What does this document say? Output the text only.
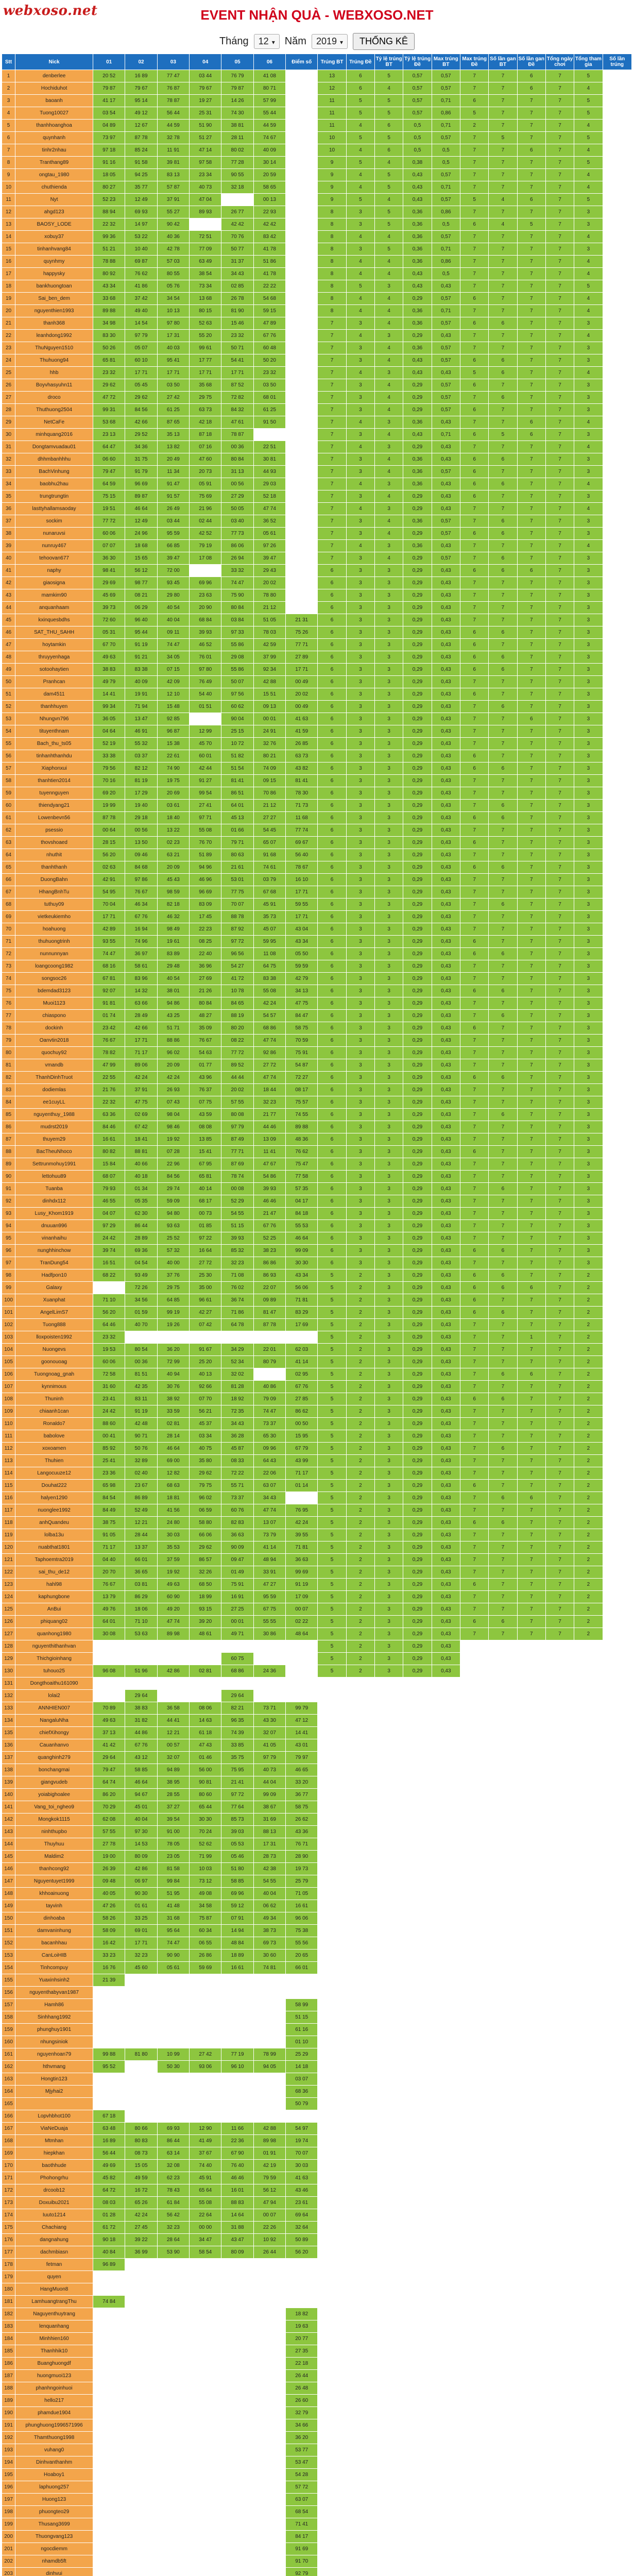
webxoso.net	EVENT NHẬN QUÀ - WEBXOSO.NET
Tháng	12 ▾ Năm	2019 ▾	THỐNG KÊ
Stt	Nick	01	02	03	04	05	06	Điểm số	Trúng BT	Trúng Đề	Tỷ lệ trúng BT	Tỷ lệ trúng Đề	Max trúng BT	Max trúng Đề	Số lần gan BT	Số lần gan Đề	Tổng ngày chơi	Tổng tham gia	Số lần trúng
1	denberlee	20 52	16 89	77 47	03 44	76 79	41 08		13	6	5	0,57	0,57	7	7	6	7	5	
2	Hochiduhot	79 87	79 67	76 87	79 67	79 87	80 71		12	6	4	0,57	0,57	7	7	6	7	4	
3	baoanh	41 17	95 14	78 87	19 27	14 26	57 99		11	5	5	0,57	0,71	6	7	7	7	5	
4	Tuong10027	03 54	49 12	56 44	25 31	74 30	55 44		11	5	5	0,57	0,86	5	7	7	7	5	
5	thanhhoanghoa	04 89	12 67	44 59	51 90	38 81	44 59		11	4	6	0,5	0,71	2	7	7	7	4	
6	quynhanh	73 97	87 78	32 78	51 27	28 11	74 67		10	5	5	0,5	0,57	7	5	7	7	5	
7	tinhr2nhau	97 18	85 24	11 91	47 14	80 02	40 09		10	4	6	0,5	0,5	7	7	6	7	4	
8	Tranthang89	91 16	91 58	39 81	97 58	77 28	30 14		9	5	4	0,38	0,5	7	7	7	7	5	
9	ongtau_1980	18 05	94 25	83 13	23 34	90 55	20 59		9	4	5	0,43	0,57	7	7	7	7	4	
10	chuthienda	80 27	35 77	57 87	40 73	32 18	58 65		9	4	5	0,43	0,71	7	7	7	7	4	
11	Nyt	52 23	12 49	37 91	47 04		00 13		9	5	4	0,43	0,57	5	4	6	7	5	
12	ahgd123	88 94	69 93	55 27	89 93	26 77	22 93		8	3	5	0,36	0,86	7	7	7	7	3	
13	BAOSY_LODE	22 32	14 97	90 42		42 42	42 42		8	3	5	0,36	0,5	6	4	5	7	3	
14	xobuy37	99 36	53 22	40 36	72 51	70 76	83 42		8	4	4	0,36	0,57	7	7	7	7	4	
15	tinhanhvang84	51 21	10 40	42 78	77 09	50 77	41 78		8	3	5	0,36	0,71	7	7	7	7	3	
16	quynhmy	78 88	69 87	57 03	63 49	31 37	51 86		8	4	4	0,36	0,86	7	7	7	7	4	
17	happysky	80 92	76 62	80 55	38 54	34 43	41 78		8	4	4	0,43	0,5	7	7	7	7	4	
18	bankhuongtoan	43 34	41 86	05 76	73 34	02 85	22 22		8	5	3	0,43	0,43	7	7	7	7	5	
19	Sai_ben_dem	33 68	37 42	34 54	13 68	26 78	54 68		8	4	4	0,29	0,57	6	7	7	7	4	
20	nguyenthien1993	89 88	49 40	10 13	80 15	81 90	59 15		8	4	4	0,36	0,71	7	7	7	7	4	
21	thanh368	34 98	14 54	97 80	52 63	15 46	47 89		7	3	4	0,36	0,57	6	6	7	7	3	
22	leanhdong1992	83 30	97 79	17 31	55 20	23 32	67 76		7	4	3	0,29	0,43	7	7	7	7	4	
23	ThuNguyen1510	50 26	05 07	40 03	99 61	50 71	60 48		7	3	4	0,36	0,57	7	7	7	7	3	
24	Thuhuong94	65 81	60 10	95 41	17 77	54 41	50 20		7	3	4	0,43	0,57	6	6	7	7	3	
25	hhb	23 32	17 71	17 71	17 71	17 71	23 32		7	4	3	0,43	0,43	5	6	7	7	4	
26	Boyvhasyuhn11	29 62	05 45	03 50	35 68	87 52	03 50		7	3	4	0,29	0,57	6	7	7	7	3	
27	droco	47 72	29 62	27 42	29 75	72 82	68 01		7	3	4	0,29	0,57	7	6	7	7	3	
28	Thuthuong2504	99 31	84 56	61 25	63 73	84 32	61 25		7	3	4	0,29	0,57	6	7	7	7	3	
29	NetCaFe	53 68	42 66	87 65	42 18	47 61	91 50		7	4	3	0,36	0,43	7	7	6	7	4	
30	minhquang2016	23 13	29 52	35 13	87 18	78 87			7	3	4	0,43	0,71	6	5	6	7	3	
31	Dongtamvuadau01	64 47	34 36	13 82	07 16	00 36	22 51		7	4	3	0,29	0,43	7	7	7	7	4	
32	dhhmbanhhhu	06 60	31 75	20 49	47 60	80 84	30 81		7	3	4	0,36	0,43	6	6	7	7	3	
33	BachVinhung	79 47	91 79	11 34	20 73	31 13	44 93		7	3	4	0,36	0,57	6	7	7	7	3	
34	baobhu2hau	64 59	96 69	91 47	05 91	00 56	29 03		7	4	3	0,36	0,43	6	6	7	7	4	
35	trungtrungtin	75 15	89 87	91 57	75 69	27 29	52 18		7	3	4	0,29	0,43	6	7	7	7	3	
36	lasttyhallamsaoday	19 51	46 64	26 49	21 96	50 05	47 74		7	4	3	0,29	0,43	7	7	7	7	4	
37	sockim	77 72	12 49	03 44	02 44	03 40	36 52		7	3	4	0,36	0,57	7	6	7	7	3	
38	nunaruvsi	60 06	24 96	95 59	42 52	77 73	05 61		7	3	4	0,29	0,57	6	6	7	7	3	
39	nunruy467	07 07	18 68	66 85	79 19	86 06	97 26		7	4	3	0,36	0,43	7	7	7	7	4	
40	tehoovan677	36 30	15 65	39 47	17 08	26 94	39 47		7	3	4	0,29	0,57	7	6	7	7	3	
41	naphy	98 41	56 12	72 00		33 32	29 43		6	3	3	0,29	0,43	6	6	6	7	3	
42	giaosigna	29 69	98 77	93 45	69 96	74 47	20 02		6	3	3	0,29	0,43	7	7	7	7	3	
43	mamkim90	45 69	08 21	29 80	23 63	75 90	78 80		6	3	3	0,29	0,43	7	7	7	7	3	
44	anquanhaam	39 73	06 29	40 54	20 90	80 84	21 12		6	3	3	0,29	0,43	7	7	7	7	3	
45	kxinquesbdhs	72 60	96 40	40 04	68 84	03 84	51 05	21 31	6	3	3	0,29	0,43	7	7	7	7	3	
46	SAT_THU_SAHH	05 31	95 44	09 11	39 93	97 33	78 03	75 26	6	3	3	0,29	0,43	6	6	7	7	3	
47	hoytamkin	67 70	91 19	74 47	46 52	55 86	42 59	77 71	6	3	3	0,29	0,43	6	7	7	7	3	
48	thruyyenhaga	49 63	91 21	34 05	76 01	29 08	37 99	27 89	6	3	3	0,29	0,43	6	6	7	7	3	
49	sotoohaytien	38 83	83 38	07 15	97 80	55 86	92 34	17 71	6	3	3	0,29	0,43	6	6	7	7	3	
50	Pranhcan	49 79	40 09	42 09	76 49	50 07	42 88	00 49	6	3	3	0,29	0,43	7	7	7	7	3	
51	dam4511	14 41	19 91	12 10	54 40	97 56	15 51	20 02	6	3	3	0,29	0,43	6	7	7	7	3	
52	thanhhuyen	99 34	71 94	15 48	01 51	60 62	09 13	00 49	6	3	3	0,29	0,43	7	6	7	7	3	
53	Nhungvn796	36 05	13 47	92 85		90 04	00 01	41 63	6	3	3	0,29	0,43	7	7	6	7	3	
54	tituyenthnam	04 64	46 91	96 87	12 99	25 15	24 91	41 59	6	3	3	0,29	0,43	7	7	7	7	3	
55	Bach_thu_ts05	52 19	55 32	15 38	45 70	10 72	32 76	26 85	6	3	3	0,29	0,43	7	7	7	7	3	
56	tinhanhthanhdu	33 38	03 37	22 61	60 01	51 82	80 21	63 73	6	3	3	0,29	0,43	6	7	7	7	3	
57	Xiaphonxui	79 56	82 12	74 90	42 44	51 54	74 09	43 82	6	3	3	0,29	0,43	6	6	7	7	3	
58	thanhtien2014	70 16	81 19	19 75	91 27	81 41	09 15	81 41	6	3	3	0,29	0,43	7	7	7	7	3	
59	tuyennguyen	69 20	17 29	20 69	99 54	86 51	70 86	78 30	6	3	3	0,29	0,43	7	7	7	7	3	
60	thiendyang21	19 99	19 40	03 61	27 41	64 01	21 12	71 73	6	3	3	0,29	0,43	7	6	7	7	3	
61	Lowenbevn56	87 78	29 18	18 40	97 71	45 13	27 27	11 68	6	3	3	0,29	0,43	6	6	7	7	3	
62	psessio	00 64	00 56	13 22	55 08	01 66	54 45	77 74	6	3	3	0,29	0,43	7	7	7	7	3	
63	thovshoaed	28 15	13 50	02 23	76 70	79 71	65 07	69 67	6	3	3	0,29	0,43	6	7	7	7	3	
64	nhuthit	56 20	09 46	63 21	51 89	80 63	91 68	56 40	6	3	3	0,29	0,43	7	7	7	7	3	
65	thanhthanh	02 63	84 68	20 09	94 96	21 61	74 61	78 67	6	3	3	0,29	0,43	6	6	7	7	3	
66	DuongBahn	42 91	97 86	45 43	46 96	53 01	03 79	16 10	6	3	3	0,29	0,43	7	7	7	7	3	
67	HhangBnhTu	54 95	76 67	98 59	96 69	77 75	67 68	17 71	6	3	3	0,29	0,43	7	7	7	7	3	
68	tuthuy09	70 04	46 34	82 18	83 09	70 07	45 91	59 55	6	3	3	0,29	0,43	7	6	7	7	3	
69	vietkeukiemho	17 71	67 76	46 32	17 45	88 78	35 73	17 71	6	3	3	0,29	0,43	7	7	7	7	3	
70	hoahuong	42 89	16 94	98 49	22 23	87 92	45 07	43 04	6	3	3	0,29	0,43	7	7	7	7	3	
71	thuhuongtrinh	93 55	74 96	19 61	08 25	97 72	59 95	43 34	6	3	3	0,29	0,43	6	7	7	7	3	
72	nunnunnyan	74 47	36 97	83 89	22 40	96 56	11 08	05 50	6	3	3	0,29	0,43	6	6	7	7	3	
73	loangcoong1982	68 16	58 61	29 48	36 96	54 27	64 75	59 59	6	3	3	0,29	0,43	7	7	7	7	3	
74	songsoc26	67 81	83 96	40 54	27 69	41 72	83 38	42 79	6	3	3	0,29	0,43	7	7	7	7	3	
75	bdemdad3123	92 07	14 32	38 01	21 26	10 78	55 08	34 13	6	3	3	0,29	0,43	6	6	7	7	3	
76	Muoi1123	91 81	63 66	94 86	80 84	84 65	42 24	47 75	6	3	3	0,29	0,43	7	7	7	7	3	
77	chiaspono	01 74	28 49	43 25	48 27	88 19	54 57	84 47	6	3	3	0,29	0,43	7	6	7	7	3	
78	dockinh	23 42	42 66	51 71	35 09	80 20	68 86	58 75	6	3	3	0,29	0,43	6	7	7	7	3	
79	Oanvtin2018	76 67	17 71	88 86	76 67	08 22	47 74	70 59	6	3	3	0,29	0,43	7	7	7	7	3	
80	quochuy92	78 82	71 17	96 02	54 63	77 72	92 86	75 91	6	3	3	0,29	0,43	7	7	7	7	3	
81	vmandb	47 99	89 06	20 09	01 77	89 52	27 72	54 87	6	3	3	0,29	0,43	7	7	7	7	3	
82	ThanhDinhTruot	22 55	42 24	42 24	43 96	44 44	47 74	72 27	6	3	3	0,29	0,43	6	6	7	7	3	
83	dodiemlas	21 76	37 91	26 93	76 37	20 02	18 44	08 17	6	3	3	0,29	0,43	7	7	7	7	3	
84	ee1cuyLL	22 32	47 75	07 43	07 75	57 55	32 23	75 57	6	3	3	0,29	0,43	7	7	7	7	3	
85	nguyenthuy_1988	63 36	02 69	98 04	43 59	80 08	21 77	74 55	6	3	3	0,29	0,43	7	6	7	7	3	
86	mudrst2019	84 46	67 42	98 46	08 08	97 79	44 46	89 88	6	3	3	0,29	0,43	7	7	7	7	3	
87	thuyem29	16 61	18 41	19 92	13 85	87 49	13 09	48 36	6	3	3	0,29	0,43	7	7	7	7	3	
88	BacTheuNhoco	80 82	88 81	07 28	15 41	77 71	11 41	76 62	6	3	3	0,29	0,43	6	7	7	7	3	
89	Settrunmohuy1991	15 84	40 66	22 96	67 95	87 69	47 67	75 47	6	3	3	0,29	0,43	7	7	7	7	3	
90	lettohuu89	68 07	40 18	84 56	65 81	78 74	54 86	77 58	6	3	3	0,29	0,43	7	7	7	7	3	
91	Tuanba	79 93	01 34	29 74	40 14	00 08	39 93	57 35	6	3	3	0,29	0,43	7	6	7	7	3	
92	dinhdx112	46 55	05 35	59 09	68 17	52 29	46 46	04 17	6	3	3	0,29	0,43	7	7	7	7	3	
93	Lusy_Khom1919	04 07	62 30	94 80	00 73	54 55	21 47	84 18	6	3	3	0,29	0,43	7	7	7	7	3	
94	dnuuan996	97 29	86 44	93 63	01 85	51 15	67 76	55 53	6	3	3	0,29	0,43	7	7	7	7	3	
95	vinanhaihu	24 42	28 89	25 52	97 22	39 93	52 25	46 64	6	3	3	0,29	0,43	7	7	7	7	3	
96	nunghhinchow	39 74	69 36	57 32	16 64	85 32	38 23	99 09	6	3	3	0,29	0,43	6	6	7	7	3	
97	TranDung54	16 51	04 54	40 00	27 72	32 23	86 86	30 30	6	3	3	0,29	0,43	7	7	7	7	3	
98	Hadfpon10	68 22	93 49	37 76	25 30	71 08	86 93	43 34	5	2	3	0,29	0,43	6	6	7	7	2	
99	Galaxy		72 26	29 75	35 00	76 02	22 07	56 06	5	2	3	0,29	0,43	6	6	6	7	2	
100	Xuanphat	71 10	34 56	64 85	96 61	36 74	09 89	71 81	5	2	3	0,29	0,43	6	7	7	7	2	
101	AngelLimS7	56 20	01 59	99 19	42 27	71 86	81 47	83 29	5	2	3	0,29	0,43	6	6	7	7	2	
102	Tuong888	64 46	40 70	19 26	07 42	64 78	87 78	17 69	5	2	3	0,29	0,43	7	7	7	7	2	
103	lloxpoisten1992	23 32							5	2	3	0,29	0,43	7	7	1	7	2	
104	Nuongevs	19 53	80 54	36 20	91 67	34 29	22 01	62 03	5	2	3	0,29	0,43	7	7	7	7	2	
105	goonouoag	60 06	00 36	72 99	25 20	52 34	80 79	41 14	5	2	3	0,29	0,43	7	7	7	7	2	
106	Tuongnoag_gnah	72 58	81 51	40 94	40 13	32 02		02 95	5	2	3	0,29	0,43	7	6	6	7	2	
107	kynnimous	31 60	42 35	30 76	92 66	81 28	40 86	67 76	5	2	3	0,29	0,43	7	7	7	7	2	
108	Thuninh	23 41	83 11	38 92	07 70	18 92	79 09	27 85	5	2	3	0,29	0,43	6	6	7	7	2	
109	chiaanh1can	24 42	91 19	33 59	56 21	72 35	74 47	86 62	5	2	3	0,29	0,43	7	7	7	7	2	
110	Ronaldo7	88 60	42 48	02 81	45 37	34 43	73 37	00 50	5	2	3	0,29	0,43	7	7	7	7	2	
111	babolove	00 41	90 71	28 14	03 34	36 28	65 30	15 95	5	2	3	0,29	0,43	7	7	7	7	2	
112	xoxoamen	85 92	50 76	46 64	40 75	45 87	09 96	67 79	5	2	3	0,29	0,43	7	6	7	7	2	
113	Thuhien	25 41	32 89	69 00	35 80	08 33	64 43	43 99	5	2	3	0,29	0,43	7	7	7	7	2	
114	Langocuuze12	23 36	02 40	12 82	29 62	72 22	22 06	71 17	5	2	3	0,29	0,43	7	7	7	7	2	
115	Douhat222	65 98	23 67	68 63	79 75	55 71	63 07	01 14	5	2	3	0,29	0,43	6	7	7	7	2	
116	halyen1290	84 54	86 89	18 81	96 02	73 37	34 43		5	2	3	0,29	0,43	7	6	6	7	2	
117	nuonglee1992	84 49	52 49	41 56	06 59	60 76	47 74	76 95	5	2	3	0,29	0,43	7	7	7	7	2	
118	anhQuandeu	38 75	12 21	24 80	58 80	82 83	13 07	42 24	5	2	3	0,29	0,43	6	6	7	7	2	
119	lolba13u	91 05	28 44	30 03	66 06	36 63	73 79	39 55	5	2	3	0,29	0,43	7	7	7	7	2	
120	nuabthat1801	71 17	13 37	35 53	29 62	90 09	41 14	71 81	5	2	3	0,29	0,43	7	7	7	7	2	
121	Taphoemtra2019	04 40	66 01	37 59	86 57	09 47	48 94	36 63	5	2	3	0,29	0,43	7	7	7	7	2	
122	sai_thu_de12	20 70	36 65	19 92	32 26	01 49	33 91	99 69	5	2	3	0,29	0,43	7	7	7	7	2	
123	hahl98	76 67	03 81	49 63	68 50	75 91	47 27	91 19	5	2	3	0,29	0,43	6	7	7	7	2	
124	kaphungbone	13 79	86 29	60 90	18 99	16 91	95 59	17 09	5	2	3	0,29	0,43	7	7	7	7	2	
125	AnBui	49 76	18 06	49 20	93 15	27 25	67 75	00 07	5	2	3	0,29	0,43	7	7	7	7	2	
126	phiquang02	64 01	71 10	47 74	39 20	00 01	55 55	02 22	5	2	3	0,29	0,43	6	6	7	7	2	
127	quanhong1980	30 08	53 63	89 98	48 61	49 71	30 86	48 64	5	2	3	0,29	0,43	7	7	7	7	2	
128	nguyenthithanhvan								5	2	3	0,29	0,43						
129	Thichgioinhang					60 75			5	2	3	0,29	0,43						
130	tuhouo25	96 08	51 96	42 86	02 81	68 86	24 36		5	2	3	0,29	0,43						
131	Dongthoaithu161090																		
132	lolai2		29 64			29 64													
133	ANNHIEN007	70 89	38 83	36 58	08 06	82 21	73 71	99 79											
134	NangaluNha	49 63	31 82	44 41	14 63	96 35	43 30	47 12											
135	chiefXihongy	37 13	44 86	12 21	61 18	74 39	32 07	14 41											
136	Cauanhanvo	41 42	67 76	00 57	47 43	33 85	41 05	43 01											
137	quanghinh279	29 64	43 12	32 07	01 46	35 75	97 79	79 97											
138	bonchangmai	79 47	58 85	94 89	56 00	75 95	40 73	46 65											
139	giangvudeb	64 74	46 64	38 95	90 81	21 41	44 04	33 20											
140	yoiabighoalee	86 20	94 67	28 55	80 60	97 72	99 09	36 77											
141	Vang_toi_ngheo9	70 29	45 01	37 27	65 44	77 64	38 67	58 75											
142	Mongkok1115	62 08	40 04	39 54	30 30	85 73	31 69	26 62											
143	ninhthupbo	57 55	97 30	91 00	70 24	39 03	88 13	43 36											
144	Thuyhuu	27 78	14 53	78 05	52 62	05 53	17 31	76 71											
145	Maldim2	19 00	80 09	23 05	71 99	05 46	28 73	28 90											
146	thanhcong92	26 39	42 86	81 58	10 03	51 80	42 38	19 73											
147	Nguyentuyet1999	09 48	06 97	99 84	73 12	58 85	54 55	25 79											
148	khhoainuong	40 05	90 30	51 95	49 08	69 96	40 04	71 05											
149	tayvinh	47 26	01 61	41 48	34 58	59 12	06 62	16 61											
150	dinhoaba	58 26	33 25	31 68	75 87	07 91	49 34	96 06											
151	damvaninhung	58 09	69 01	95 64	60 34	14 94	38 73	75 38											
152	bacanhhau	16 42	17 71	74 47	06 55	48 84	69 73	55 56											
153	CanLoiHIB	33 23	32 23	90 90	26 86	18 89	30 60	20 65											
154	Tinhcompuy	16 76	45 60	05 61	59 69	16 61	74 81	66 01											
155	Yuaxinhsinh2	21 39																	
156	nguyenthabyvan1987																		
157	Hamh86							58 99											
158	Sinhhang1992							51 15											
159	phunghuy1901							61 16											
160	nhungsiniok							01 10											
161	nguyenhoan79	99 88	81 80	10 99	27 42	77 19	78 99	25 29											
162	hthvmang	95 52		50 30	93 06	96 10	94 05	14 18											
163	Hongtin123							03 07											
164	Mjyhai2							68 36											
165								50 79											
166	Lopvhbhot100	67 18																	
167	ViaNeDuaja	63 48	80 66	69 93	12 90	11 66	42 88	54 97											
168	Mtmhan	16 89	80 83	86 44	41 49	22 36	89 98	19 74											
169	hiepkhan	56 44	08 73	63 14	37 67	67 90	01 91	70 07											
170	baothhude	49 69	15 05	32 08	74 40	76 40	42 19	30 03											
171	Phohongrhu	45 82	49 59	62 23	45 91	46 46	79 59	41 63											
172	drcoob12	64 72	16 72	78 43	65 64	16 01	56 12	43 46											
173	Doxuibu2021	08 03	65 26	61 84	55 08	88 83	47 94	23 61											
174	Iuuto1214	01 28	42 24	56 42	22 64	14 64	00 07	69 64											
175	Chachiang	61 72	27 45	32 23	00 00	31 88	22 26	32 64											
176	dangnahung	90 18	39 22	28 64	34 47	43 47	10 92	50 89											
177	dachmbiasn	40 84	36 99	53 90	58 54	80 09	26 44	56 20											
178	fetman	96 89																	
179	quyen																		
180	HangMuon8																		
181	LamhuangtrangThu	74 84																	
182	Naguyenthuytrang							18 82											
183	lenquanhang							19 63											
184	Minhhien160							20 77											
185	Thanhhik10							27 35											
186	Buanghuongdf							22 18											
187	huongmuoi123							26 44											
188	phanhngoinhuoi							26 48											
189	hello217							26 60											
190	phamdue1904							32 79											
191	phunghuong1996571996							34 66											
192	Thamthuong1998							36 20											
193	vuhang0							53 77											
194	Dinhvanthanhm							53 47											
195	Hoaboy1							54 28											
196	laphuong257							57 72											
197	Huong123							63 07											
198	phuongteo29							68 54											
199	Thusang3699							71 41											
200	Thuongvang123							84 17											
201	ngocdiemm							91 69											
202	nhamdb5ft							91 70											
203	dinhvui							92 79											
